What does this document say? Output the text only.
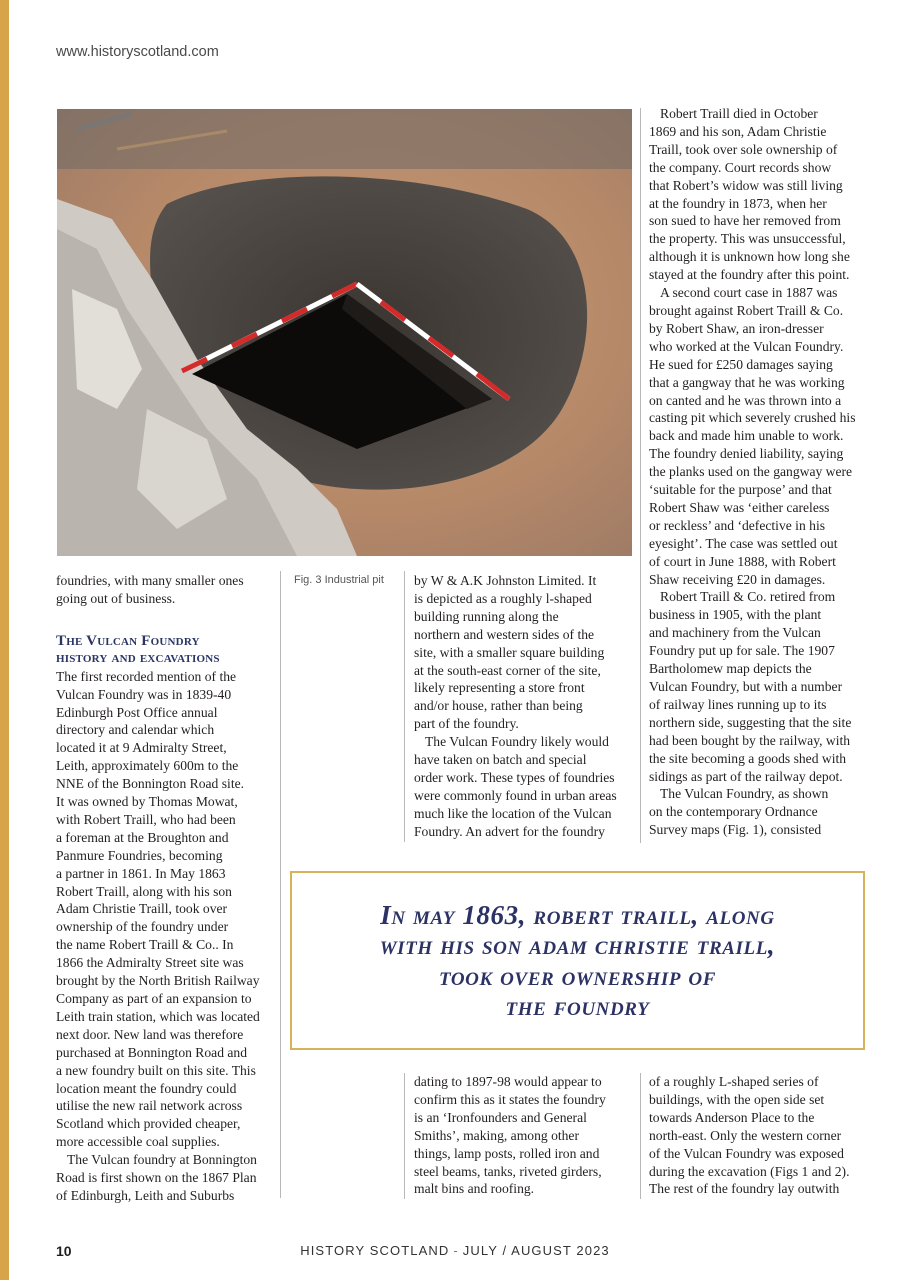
www.historyscotland.com
Fig. 3 Industrial pit

foundries, with many smaller ones

going out of business.

The Vulcan Foundry
history and excavations

The first recorded mention of the

Vulcan Foundry was in 1839-40

Edinburgh Post Office annual

directory and calendar which

located it at 9 Admiralty Street,

Leith, approximately 600m to the

NNE of the Bonnington Road site.

It was owned by Thomas Mowat,

with Robert Traill, who had been

a foreman at the Broughton and

Panmure Foundries, becoming

a partner in 1861. In May 1863

Robert Traill, along with his son

Adam Christie Traill, took over

ownership of the foundry under

the name Robert Traill & Co.. In

1866 the Admiralty Street site was

brought by the North British Railway

Company as part of an expansion to

Leith train station, which was located

next door. New land was therefore

purchased at Bonnington Road and

a new foundry built on this site. This

location meant the foundry could

utilise the new rail network across

Scotland which provided cheaper,

more accessible coal supplies.

The Vulcan foundry at Bonnington

Road is first shown on the 1867 Plan

of Edinburgh, Leith and Suburbs

by W & A.K Johnston Limited. It

is depicted as a roughly l-shaped

building running along the

northern and western sides of the

site, with a smaller square building

at the south-east corner of the site,

likely representing a store front

and/or house, rather than being

part of the foundry.

The Vulcan Foundry likely would

have taken on batch and special

order work. These types of foundries

were commonly found in urban areas

much like the location of the Vulcan

Foundry. An advert for the foundry

dating to 1897-98 would appear to

confirm this as it states the foundry

is an ‘Ironfounders and General

Smiths’, making, among other

things, lamp posts, rolled iron and

steel beams, tanks, riveted girders,

malt bins and roofing.

Robert Traill died in October

1869 and his son, Adam Christie

Traill, took over sole ownership of

the company. Court records show

that Robert’s widow was still living

at the foundry in 1873, when her

son sued to have her removed from

the property. This was unsuccessful,

although it is unknown how long she

stayed at the foundry after this point.

A second court case in 1887 was

brought against Robert Traill & Co.

by Robert Shaw, an iron-dresser

who worked at the Vulcan Foundry.

He sued for £250 damages saying

that a gangway that he was working

on canted and he was thrown into a

casting pit which severely crushed his

back and made him unable to work.

The foundry denied liability, saying

the planks used on the gangway were

‘suitable for the purpose’ and that

Robert Shaw was ‘either careless

or reckless’ and ‘defective in his

eyesight’. The case was settled out

of court in June 1888, with Robert

Shaw receiving £20 in damages.

Robert Traill & Co. retired from

business in 1905, with the plant

and machinery from the Vulcan

Foundry put up for sale. The 1907

Bartholomew map depicts the

Vulcan Foundry, but with a number

of railway lines running up to its

northern side, suggesting that the site

had been bought by the railway, with

the site becoming a goods shed with

sidings as part of the railway depot.

The Vulcan Foundry, as shown

on the contemporary Ordnance

Survey maps (Fig. 1), consisted

of a roughly L-shaped series of

buildings, with the open side set

towards Anderson Place to the

north-east. Only the western corner

of the Vulcan Foundry was exposed

during the excavation (Figs 1 and 2).

The rest of the foundry lay outwith

In may 1863, robert traill, along

with his son adam christie traill,

took over ownership of

the foundry

10	HISTORY SCOTLAND - JULY / AUGUST 2023
